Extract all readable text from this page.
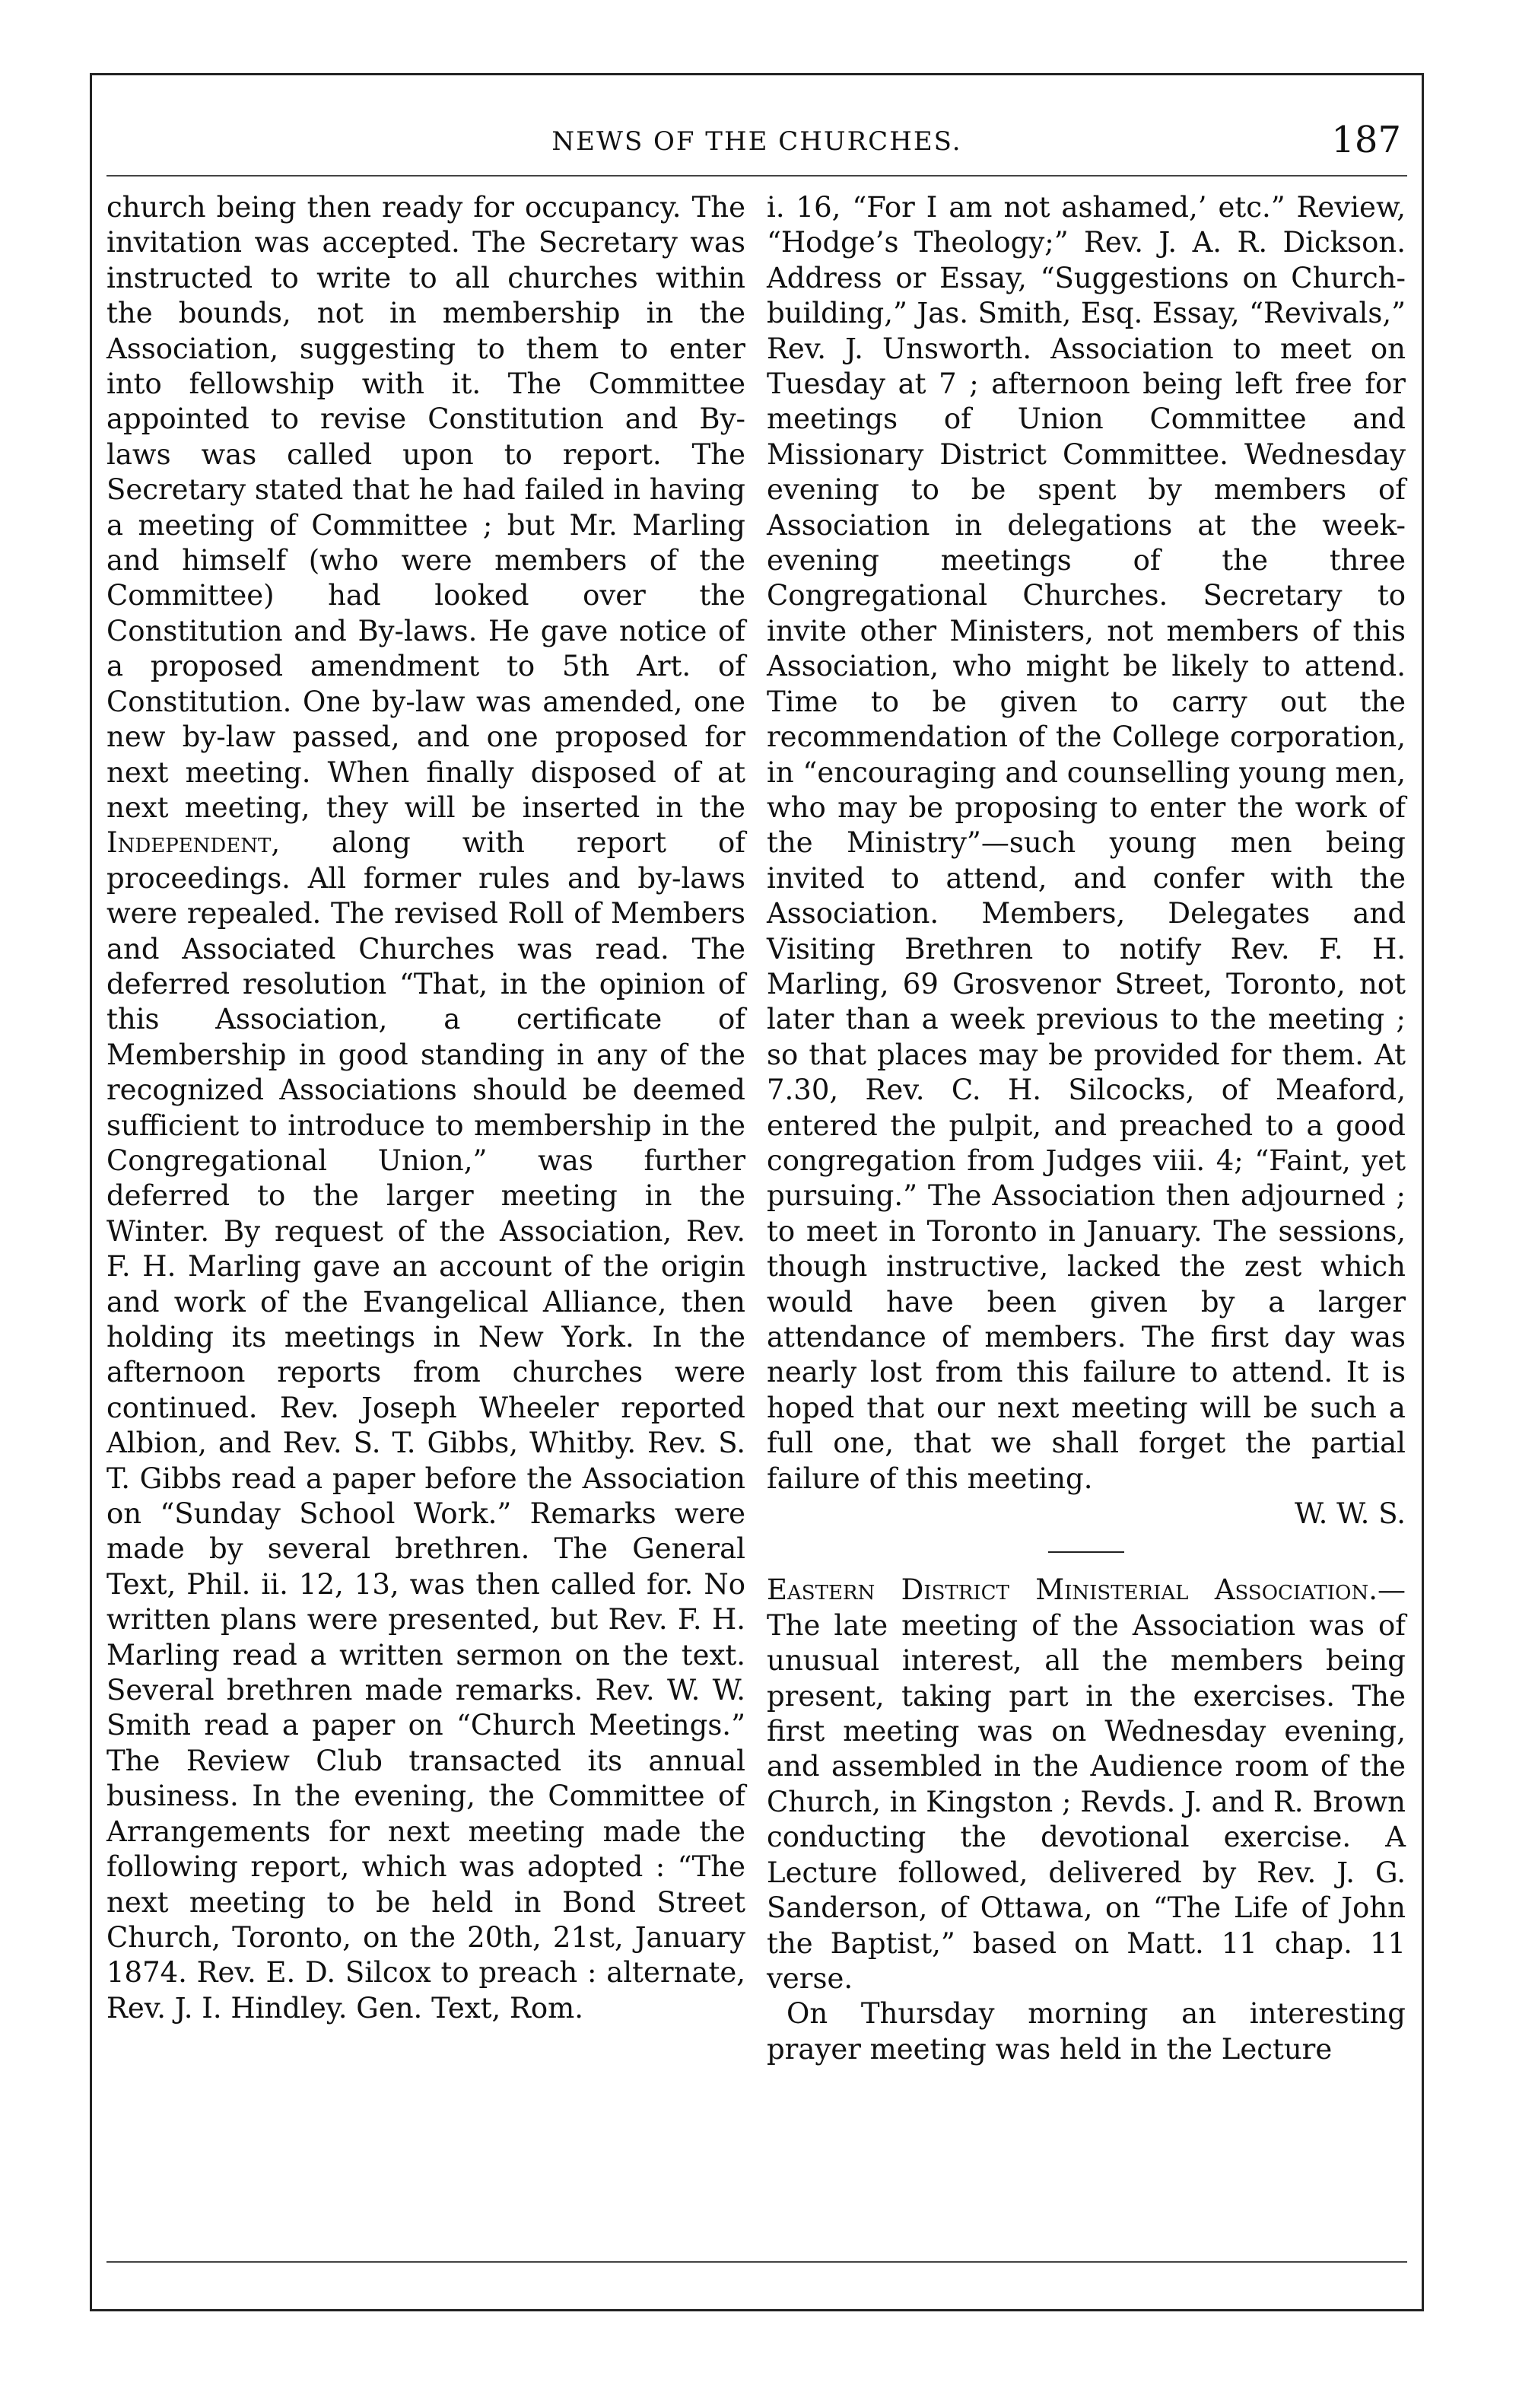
NEWS OF THE CHURCHES.	187

church being then ready for occupancy. The invitation was accepted. The Secretary was instructed to write to all churches within the bounds, not in membership in the Association, suggesting to them to enter into fellowship with it. The Committee appointed to revise Constitution and By-laws was called upon to report. The Secretary stated that he had failed in having a meeting of Committee ; but Mr. Marling and himself (who were members of the Committee) had looked over the Constitution and By-laws. He gave notice of a proposed amendment to 5th Art. of Constitution. One by-law was amended, one new by-law passed, and one proposed for next meeting. When finally disposed of at next meeting, they will be inserted in the Independent, along with report of proceedings. All former rules and by-laws were repealed. The revised Roll of Members and Associated Churches was read. The deferred resolution “That, in the opinion of this Association, a certificate of Membership in good standing in any of the recognized Associations should be deemed sufficient to introduce to membership in the Congregational Union,” was further deferred to the larger meeting in the Winter. By request of the Association, Rev. F. H. Marling gave an account of the origin and work of the Evangelical Alliance, then holding its meetings in New York. In the afternoon reports from churches were continued. Rev. Joseph Wheeler reported Albion, and Rev. S. T. Gibbs, Whitby. Rev. S. T. Gibbs read a paper before the Association on “Sunday School Work.” Remarks were made by several brethren. The General Text, Phil. ii. 12, 13, was then called for. No written plans were presented, but Rev. F. H. Marling read a written sermon on the text. Several brethren made remarks. Rev. W. W. Smith read a paper on “Church Meetings.” The Review Club transacted its annual business. In the evening, the Committee of Arrangements for next meeting made the following report, which was adopted : “The next meeting to be held in Bond Street Church, Toronto, on the 20th, 21st, January 1874. Rev. E. D. Silcox to preach : alternate, Rev. J. I. Hindley. Gen. Text, Rom.

i. 16, “For I am not ashamed,’ etc.” Review, “Hodge’s Theology;” Rev. J. A. R. Dickson. Address or Essay, “Suggestions on Church-building,” Jas. Smith, Esq. Essay, “Revivals,” Rev. J. Unsworth. Association to meet on Tuesday at 7 ; afternoon being left free for meetings of Union Committee and Missionary District Committee. Wednesday evening to be spent by members of Association in delegations at the week-evening meetings of the three Congregational Churches. Secretary to invite other Ministers, not members of this Association, who might be likely to attend. Time to be given to carry out the recommendation of the College corporation, in “encouraging and counselling young men, who may be proposing to enter the work of the Ministry”—such young men being invited to attend, and confer with the Association. Members, Delegates and Visiting Brethren to notify Rev. F. H. Marling, 69 Grosvenor Street, Toronto, not later than a week previous to the meeting ; so that places may be provided for them. At 7.30, Rev. C. H. Silcocks, of Meaford, entered the pulpit, and preached to a good congregation from Judges viii. 4; “Faint, yet pursuing.” The Association then adjourned ; to meet in Toronto in January. The sessions, though instructive, lacked the zest which would have been given by a larger attendance of members. The first day was nearly lost from this failure to attend. It is hoped that our next meeting will be such a full one, that we shall forget the partial failure of this meeting.

W. W. S.

Eastern District Ministerial Association.—The late meeting of the Association was of unusual interest, all the members being present, taking part in the exercises. The first meeting was on Wednesday evening, and assembled in the Audience room of the Church, in Kingston ; Revds. J. and R. Brown conducting the devotional exercise. A Lecture followed, delivered by Rev. J. G. Sanderson, of Ottawa, on “The Life of John the Baptist,” based on Matt. 11 chap. 11 verse.

On Thursday morning an interesting prayer meeting was held in the Lecture
